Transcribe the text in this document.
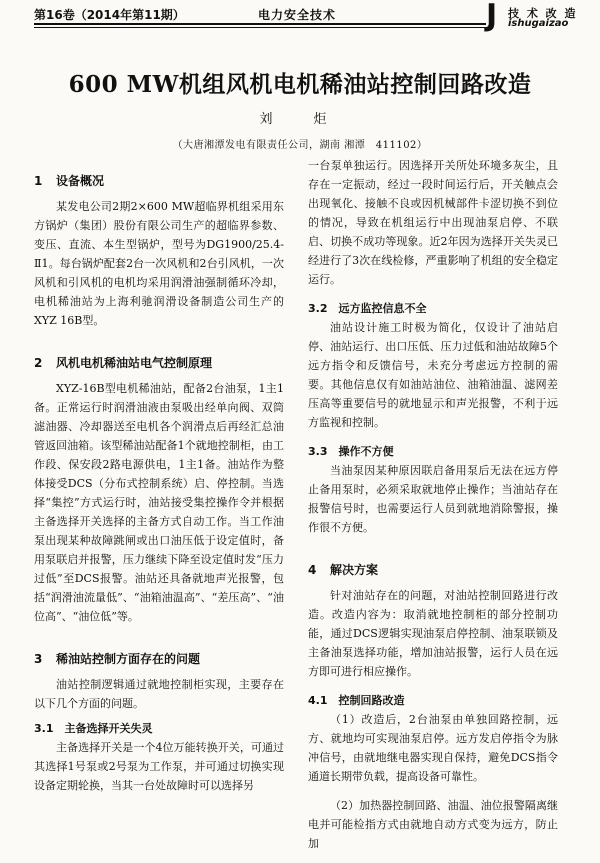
第16卷（2014年第11期）	电力安全技术	J 技 术 改 造
ishugaizao
600 MW机组风机电机稀油站控制回路改造
刘　炬
（大唐湘潭发电有限责任公司，湖南 湘潭　411102）
1 设备概况

某发电公司2期2×600 MW超临界机组采用东方锅炉（集团）股份有限公司生产的超临界参数、变压、直流、本生型锅炉，型号为DG1900/25.4-Ⅱ1。每台锅炉配套2台一次风机和2台引风机，一次风机和引风机的电机均采用润滑油强制循环冷却，电机稀油站为上海利驰润滑设备制造公司生产的XYZ 16B型。

2 风机电机稀油站电气控制原理

XYZ-16B型电机稀油站，配备2台油泵，1主1备。正常运行时润滑油液由泵吸出经单向阀、双筒滤油器、冷却器送至电机各个润滑点后再经汇总油管返回油箱。该型稀油站配备1个就地控制柜，由工作段、保安段2路电源供电，1主1备。油站作为整体接受DCS（分布式控制系统）启、停控制。当选择“集控”方式运行时，油站接受集控操作令并根据主备选择开关选择的主备方式自动工作。当工作油泵出现某种故障跳闸或出口油压低于设定值时，备用泵联启并报警，压力继续下降至设定值时发“压力过低”至DCS报警。油站还具备就地声光报警，包括“润滑油流量低”、“油箱油温高”、“差压高”、“油位高”、“油位低”等。

3 稀油站控制方面存在的问题

油站控制逻辑通过就地控制柜实现，主要存在以下几个方面的问题。

3.1　主备选择开关失灵

主备选择开关是一个4位万能转换开关，可通过其选择1号泵或2号泵为工作泵，并可通过切换实现设备定期轮换，当其一台处故障时可以选择另

一台泵单独运行。因选择开关所处环境多灰尘，且存在一定振动，经过一段时间运行后，开关触点会出现氧化、接触不良或因机械部件卡涩切换不到位的情况，导致在机组运行中出现油泵启停、不联启、切换不成功等现象。近2年因为选择开关失灵已经进行了3次在线检修，严重影响了机组的安全稳定运行。

3.2　远方监控信息不全

油站设计施工时极为简化，仅设计了油站启停、油站运行、出口压低、压力过低和油站故障5个远方指令和反馈信号，未充分考虑远方控制的需要。其他信息仅有如油站油位、油箱油温、滤网差压高等重要信号的就地显示和声光报警，不利于远方监视和控制。

3.3　操作不方便

当油泵因某种原因联启备用泵后无法在远方停止备用泵时，必须采取就地停止操作；当油站存在报警信号时，也需要运行人员到就地消除警报，操作很不方便。

4 解决方案

针对油站存在的问题，对油站控制回路进行改造。改造内容为：取消就地控制柜的部分控制功能，通过DCS逻辑实现油泵启停控制、油泵联锁及主备油泵选择功能，增加油站报警，运行人员在远方即可进行相应操作。

4.1　控制回路改造

（1）改造后，2台油泵由单独回路控制，远方、就地均可实现油泵启停。远方发启停指令为脉冲信号，由就地继电器实现自保持，避免DCS指令通道长期带负载，提高设备可靠性。

（2）加热器控制回路、油温、油位报警隔离继电并可能检指方式由就地自动方式变为远方，防止加
